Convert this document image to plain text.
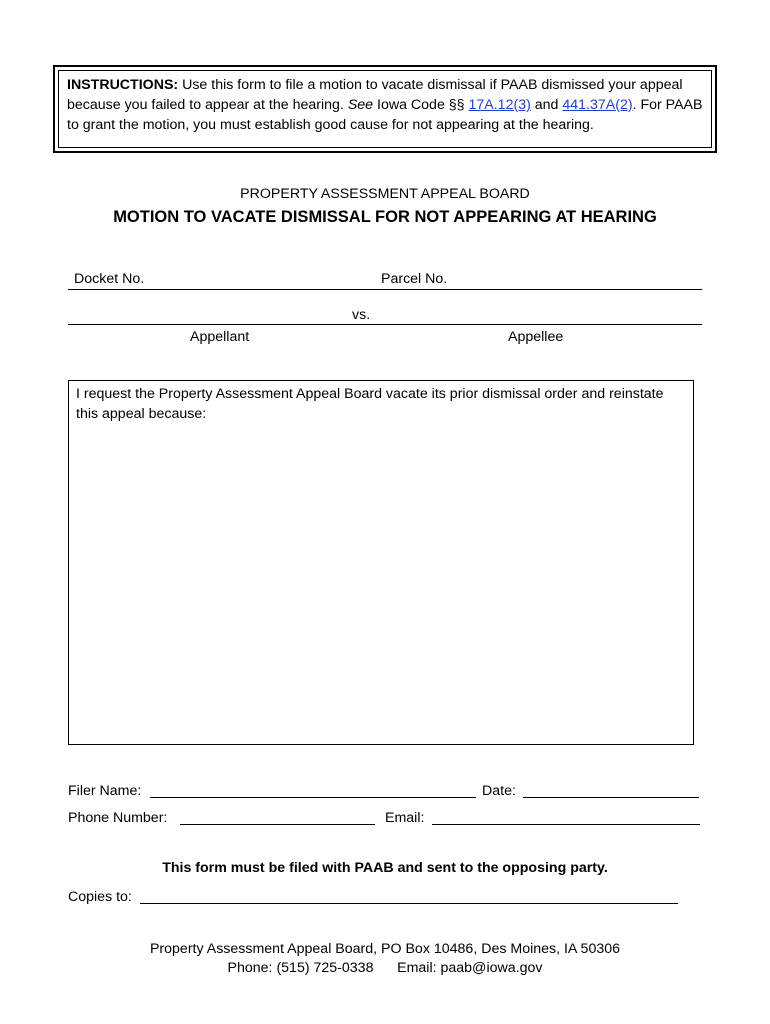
INSTRUCTIONS: Use this form to file a motion to vacate dismissal if PAAB dismissed your appeal because you failed to appear at the hearing. See Iowa Code §§ 17A.12(3) and 441.37A(2). For PAAB to grant the motion, you must establish good cause for not appearing at the hearing.
PROPERTY ASSESSMENT APPEAL BOARD
MOTION TO VACATE DISMISSAL FOR NOT APPEARING AT HEARING
Docket No.	Parcel No.
vs.
Appellant	Appellee
I request the Property Assessment Appeal Board vacate its prior dismissal order and reinstate this appeal because:
Filer Name:	Date:
Phone Number:	Email:
This form must be filed with PAAB and sent to the opposing party.
Copies to:
Property Assessment Appeal Board, PO Box 10486, Des Moines, IA 50306
Phone: (515) 725-0338 Email: paab@iowa.gov
